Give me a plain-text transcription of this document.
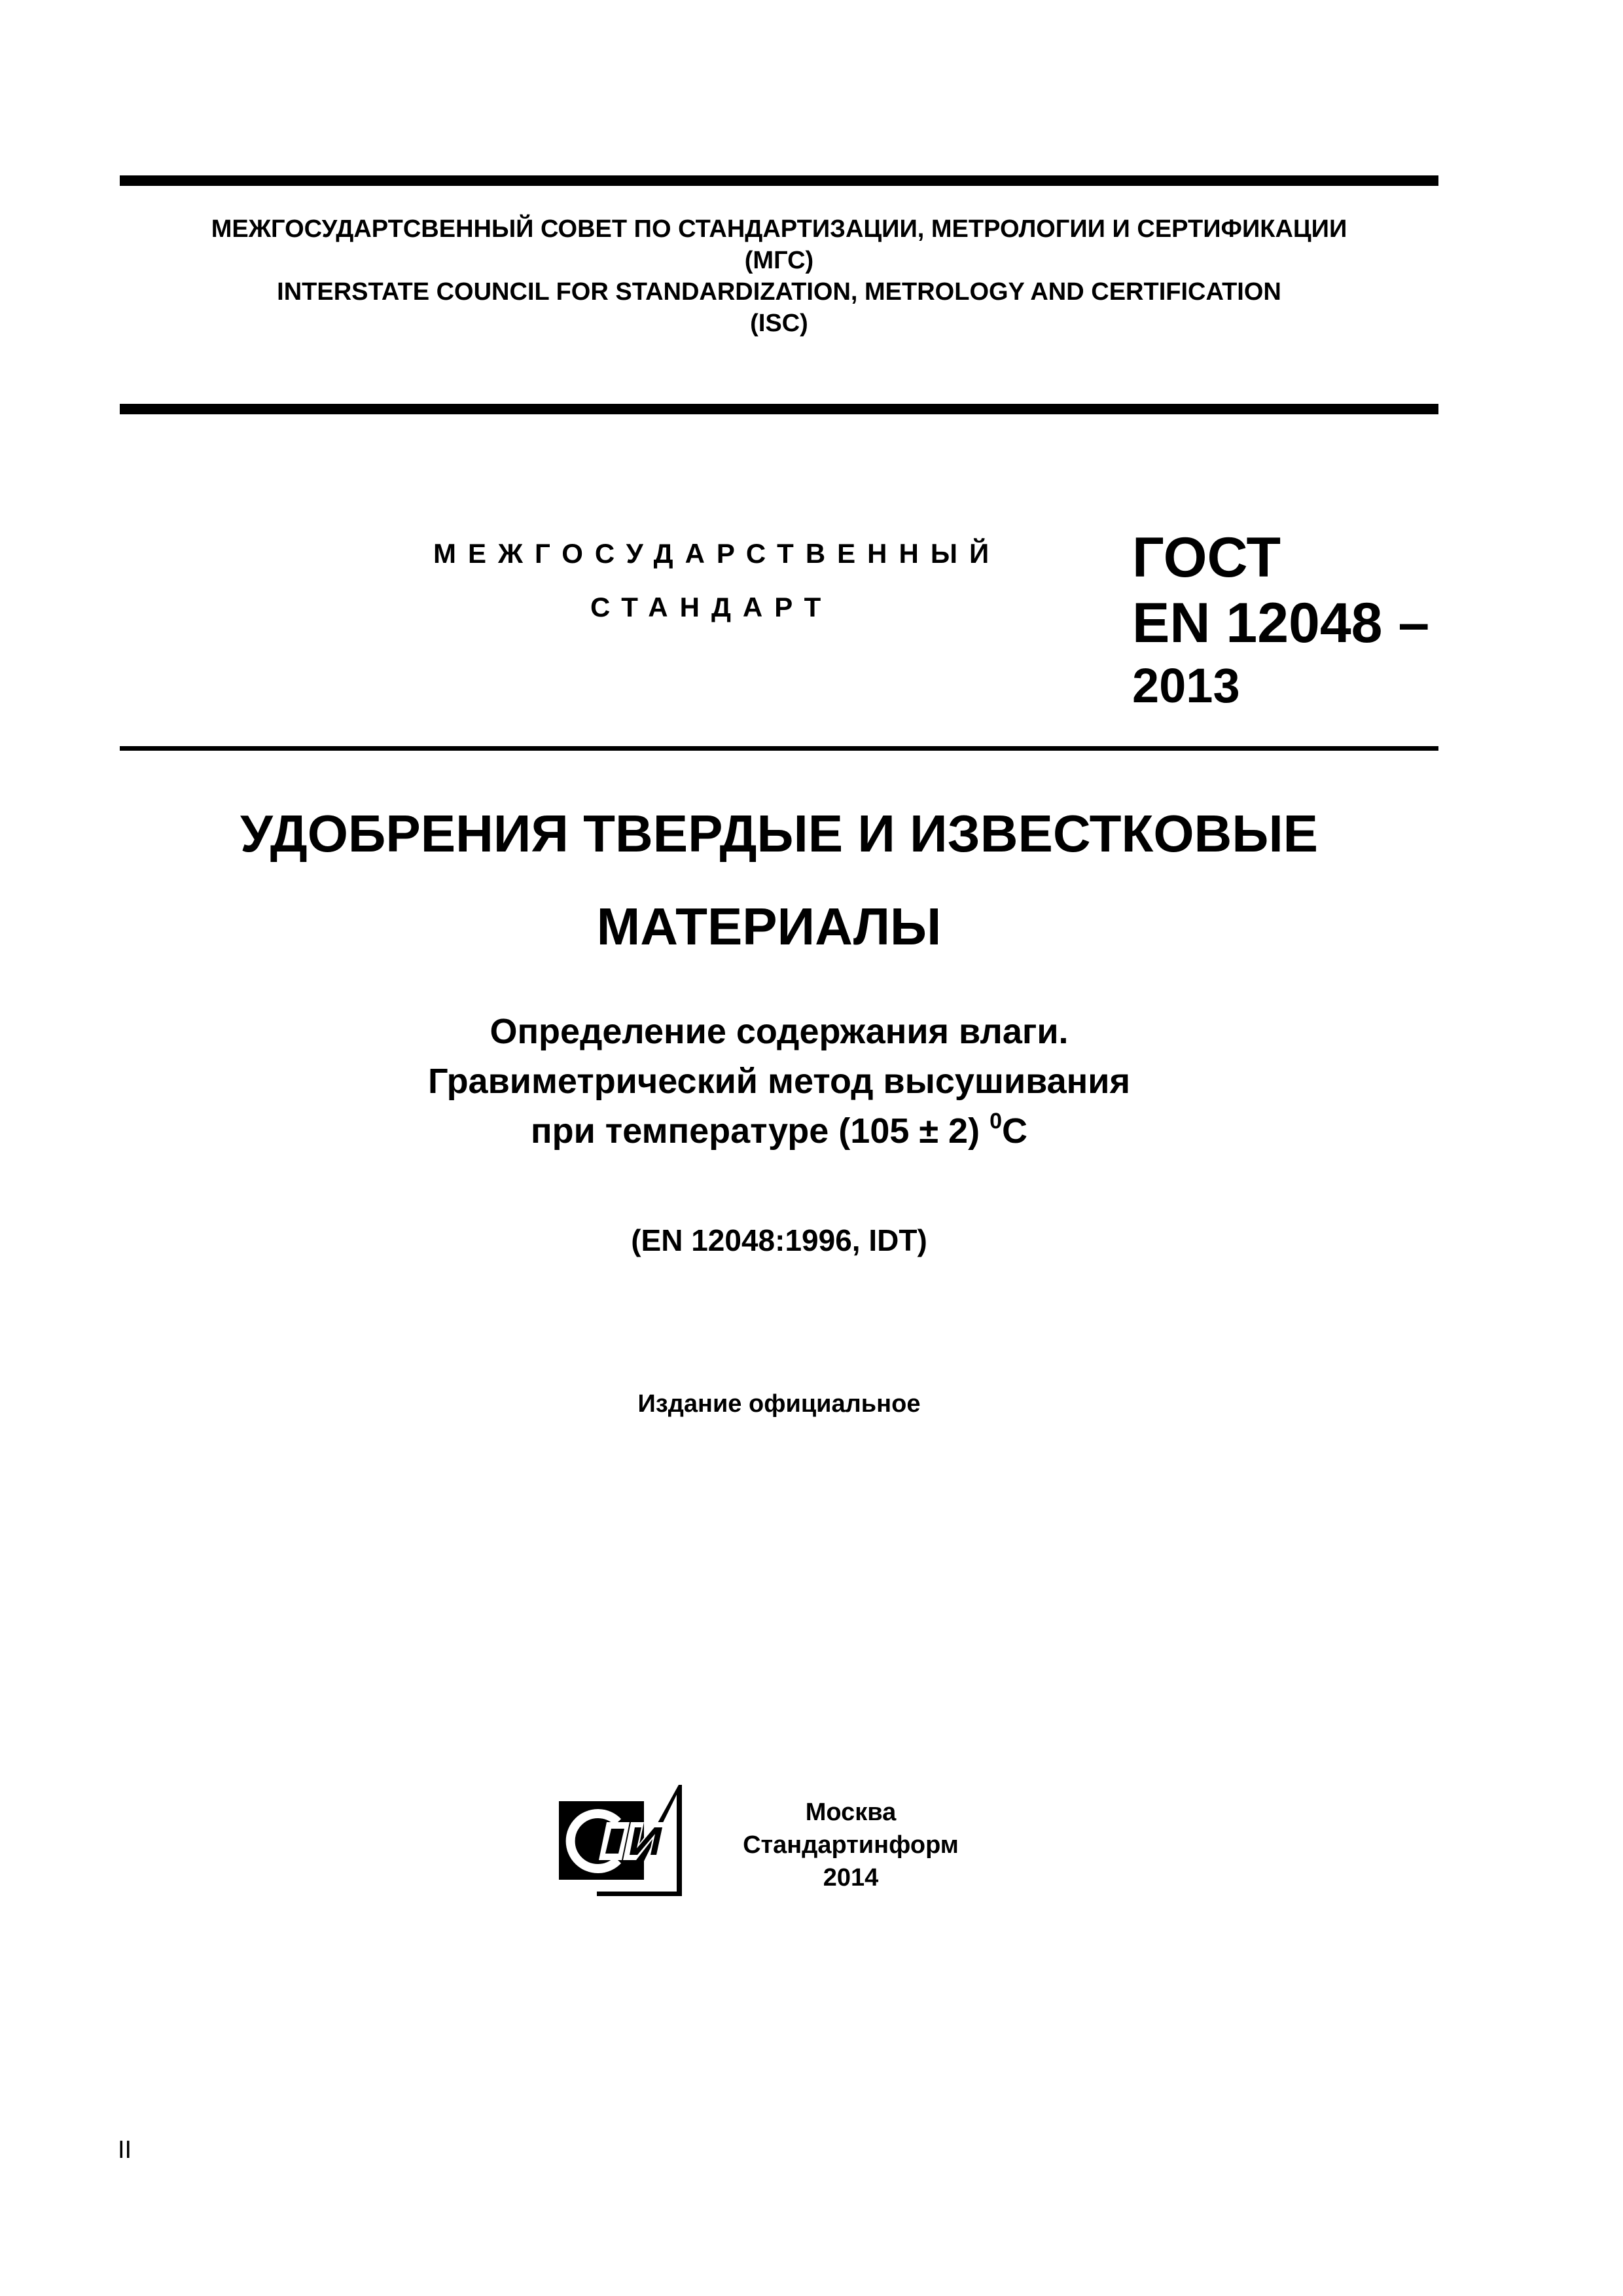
МЕЖГОСУДАРТСВЕННЫЙ СОВЕТ ПО СТАНДАРТИЗАЦИИ, МЕТРОЛОГИИ И СЕРТИФИКАЦИИ
(МГС)
INTERSTATE COUNCIL FOR STANDARDIZATION, METROLOGY AND CERTIFICATION
(ISC)
МЕЖГОСУДАРСТВЕННЫЙ
СТАНДАРТ
ГОСТ
EN 12048 –
2013
УДОБРЕНИЯ ТВЕРДЫЕ И ИЗВЕСТКОВЫЕ
МАТЕРИАЛЫ
Определение содержания влаги.
Гравиметрический метод высушивания
при температуре (105 ± 2) $^0$С
(EN 12048:1996, IDT)
Издание официальное
Москва
Стандартинформ
2014
II
